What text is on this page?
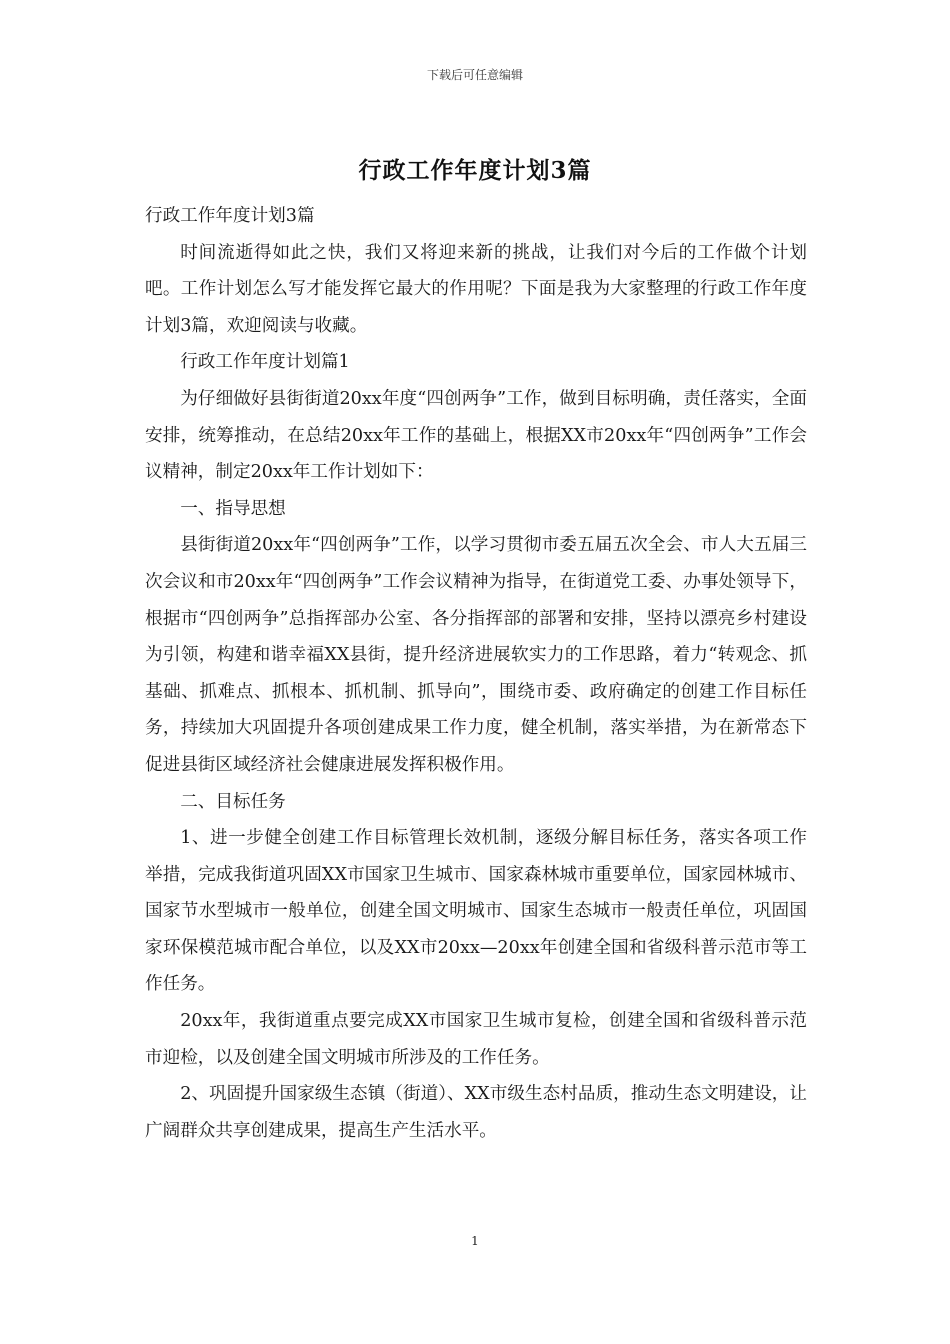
下载后可任意编辑
行政工作年度计划3篇

行政工作年度计划3篇

时间流逝得如此之快，我们又将迎来新的挑战，让我们对今后的工作做个计划吧。工作计划怎么写才能发挥它最大的作用呢？下面是我为大家整理的行政工作年度计划3篇，欢迎阅读与收藏。

行政工作年度计划篇1

为仔细做好县街街道20xx年度“四创两争”工作，做到目标明确，责任落实，全面安排，统筹推动，在总结20xx年工作的基础上，根据XX市20xx年“四创两争”工作会议精神，制定20xx年工作计划如下：

一、指导思想

县街街道20xx年“四创两争”工作，以学习贯彻市委五届五次全会、市人大五届三次会议和市20xx年“四创两争”工作会议精神为指导，在街道党工委、办事处领导下，根据市“四创两争”总指挥部办公室、各分指挥部的部署和安排，坚持以漂亮乡村建设为引领，构建和谐幸福XX县街，提升经济进展软实力的工作思路，着力“转观念、抓基础、抓难点、抓根本、抓机制、抓导向”，围绕市委、政府确定的创建工作目标任务，持续加大巩固提升各项创建成果工作力度，健全机制，落实举措，为在新常态下促进县街区域经济社会健康进展发挥积极作用。

二、目标任务

1、进一步健全创建工作目标管理长效机制，逐级分解目标任务，落实各项工作举措，完成我街道巩固XX市国家卫生城市、国家森林城市重要单位，国家园林城市、国家节水型城市一般单位，创建全国文明城市、国家生态城市一般责任单位，巩固国家环保模范城市配合单位，以及XX市20xx—20xx年创建全国和省级科普示范市等工作任务。

20xx年，我街道重点要完成XX市国家卫生城市复检，创建全国和省级科普示范市迎检，以及创建全国文明城市所涉及的工作任务。

2、巩固提升国家级生态镇（街道）、XX市级生态村品质，推动生态文明建设，让广阔群众共享创建成果，提高生产生活水平。

1
